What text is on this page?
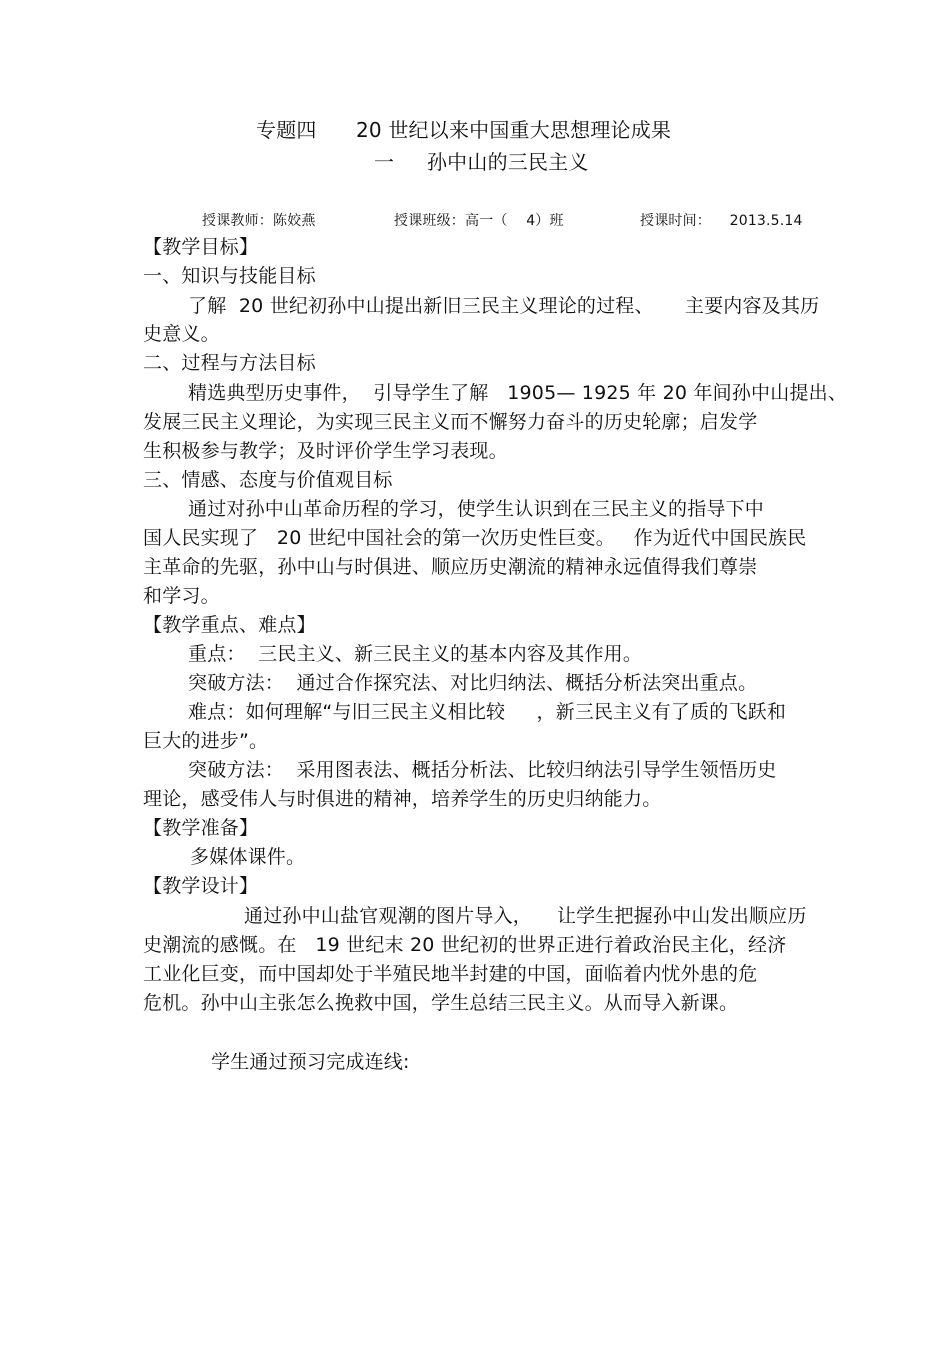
专题四      20 世纪以来中国重大思想理论成果
一     孙中山的三民主义
授课教师：陈姣燕	授课班级：高一（    4）班	授课时间：    2013.5.14
【教学目标】
一、知识与技能目标
了解  20 世纪初孙中山提出新旧三民主义理论的过程、     主要内容及其历
史意义。
二、过程与方法目标
精选典型历史事件，  引导学生了解   1905— 1925 年 20 年间孙中山提出、
发展三民主义理论，为实现三民主义而不懈努力奋斗的历史轮廓；启发学
生积极参与教学；及时评价学生学习表现。
三、情感、态度与价值观目标
通过对孙中山革命历程的学习，使学生认识到在三民主义的指导下中
国人民实现了   20 世纪中国社会的第一次历史性巨变。   作为近代中国民族民
主革命的先驱，孙中山与时俱进、顺应历史潮流的精神永远值得我们尊崇
和学习。
【教学重点、难点】
重点：  三民主义、新三民主义的基本内容及其作用。
突破方法：  通过合作探究法、对比归纳法、概括分析法突出重点。
难点：如何理解“与旧三民主义相比较     ，新三民主义有了质的飞跃和
巨大的进步”。
突破方法：  采用图表法、概括分析法、比较归纳法引导学生领悟历史
理论，感受伟人与时俱进的精神，培养学生的历史归纳能力。
【教学准备】
多媒体课件。
【教学设计】
通过孙中山盐官观潮的图片导入，    让学生把握孙中山发出顺应历
史潮流的感慨。在   19 世纪末 20 世纪初的世界正进行着政治民主化，经济
工业化巨变，而中国却处于半殖民地半封建的中国，面临着内忧外患的危
危机。孙中山主张怎么挽救中国，学生总结三民主义。从而导入新课。
学生通过预习完成连线:
